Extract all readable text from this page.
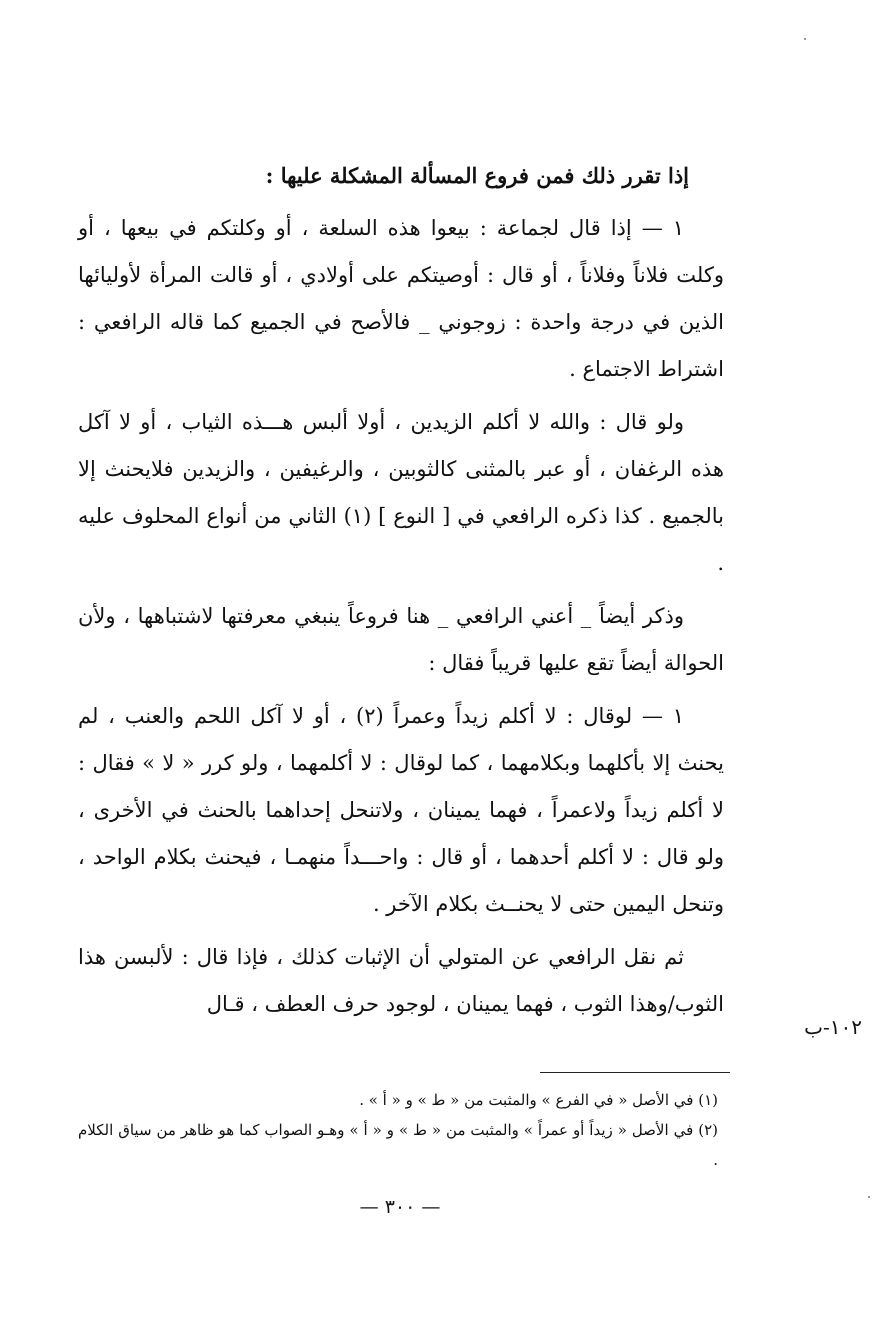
إذا تقرر ذلك فمن فروع المسألة المشكلة عليها :

١ — إذا قال لجماعة : بيعوا هذه السلعة ، أو وكلتكم في بيعها ، أو وكلت فلاناً وفلاناً ، أو قال : أوصيتكم على أولادي ، أو قالت المرأة لأوليائها الذين في درجة واحدة : زوجوني _ فالأصح في الجميع كما قاله الرافعي : اشتراط الاجتماع .

ولو قال : والله لا أكلم الزيدين ، أولا ألبس هـــذه الثياب ، أو لا آكل هذه الرغفان ، أو عبر بالمثنى كالثوبين ، والرغيفين ، والزيدين فلايحنث إلا بالجميع . كذا ذكره الرافعي في [ النوع ] (١) الثاني من أنواع المحلوف عليه .

وذكر أيضاً _ أعني الرافعي _ هنا فروعاً ينبغي معرفتها لاشتباهها ، ولأن الحوالة أيضاً تقع عليها قريباً فقال :

١ — لوقال : لا أكلم زيداً وعمراً (٢) ، أو لا آكل اللحم والعنب ، لم يحنث إلا بأكلهما وبكلامهما ، كما لوقال : لا أكلمهما ، ولو كرر « لا » فقال : لا أكلم زيداً ولاعمراً ، فهما يمينان ، ولاتنحل إحداهما بالحنث في الأخرى ، ولو قال : لا أكلم أحدهما ، أو قال : واحـــداً منهمـا ، فيحنث بكلام الواحد ، وتنحل اليمين حتى لا يحنــث بكلام الآخر .

ثم نقل الرافعي عن المتولي أن الإثبات كذلك ، فإذا قال : لألبسن هذا الثوب/وهذا الثوب ، فهما يمينان ، لوجود حرف العطف ، قـال

١٠٢-ب

(١) في الأصل « في الفرع » والمثبت من « ط » و « أ » .

(٢) في الأصل « زيداً أو عمراً » والمثبت من « ط » و « أ » وهـو الصواب كما هو ظاهر من سياق الكلام .

— ٣٠٠ —
